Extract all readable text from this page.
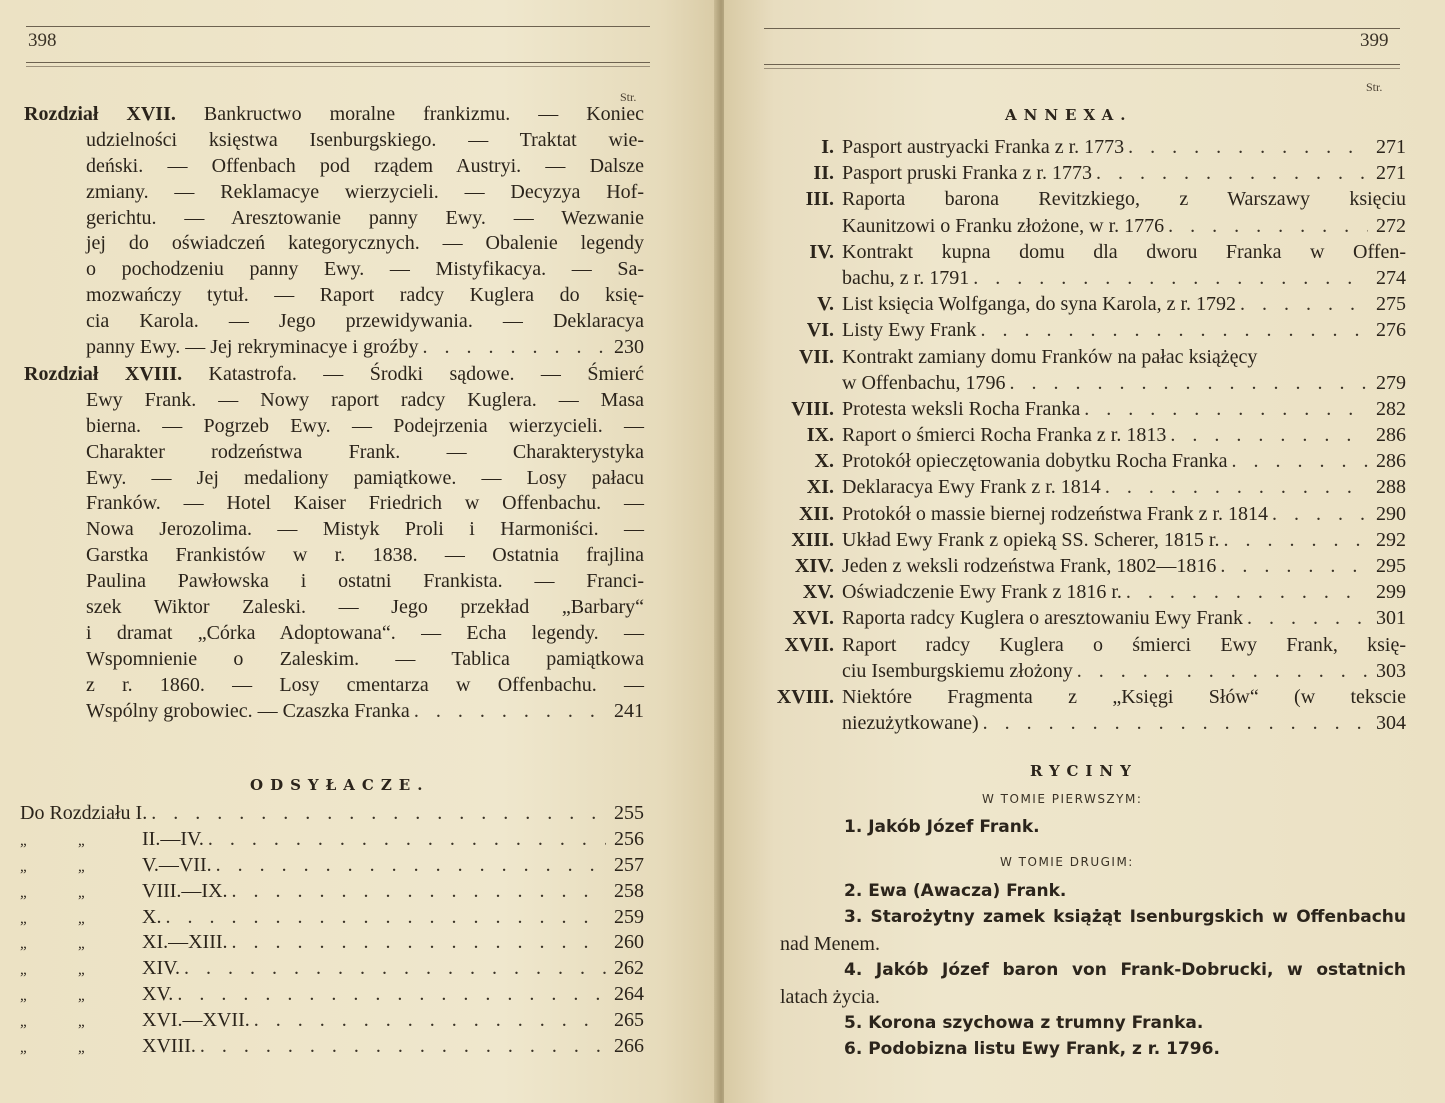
398
Str.
Rozdział XVII. Bankructwo moralne frankizmu. — Koniec
udzielności księstwa Isenburgskiego. — Traktat wie-
deński. — Offenbach pod rządem Austryi. — Dalsze
zmiany. — Reklamacye wierzycieli. — Decyzya Hof-
gerichtu. — Aresztowanie panny Ewy. — Wezwanie
jej do oświadczeń kategorycznych. — Obalenie legendy
o pochodzeniu panny Ewy. — Mistyfikacya. — Sa-
mozwańczy tytuł. — Raport radcy Kuglera do księ-
cia Karola. — Jego przewidywania. — Deklaracya
panny Ewy. — Jej rekryminacye i groźby . . .	230
Rozdział XVIII. Katastrofa. — Środki sądowe. — Śmierć
Ewy Frank. — Nowy raport radcy Kuglera. — Masa
bierna. — Pogrzeb Ewy. — Podejrzenia wierzycieli. —
Charakter rodzeństwa Frank. — Charakterystyka
Ewy. — Jej medaliony pamiątkowe. — Losy pałacu
Franków. — Hotel Kaiser Friedrich w Offenbachu. —
Nowa Jerozolima. — Mistyk Proli i Harmoniści. —
Garstka Frankistów w r. 1838. — Ostatnia frajlina
Paulina Pawłowska i ostatni Frankista. — Franci-
szek Wiktor Zaleski. — Jego przekład „Barbary“
i dramat „Córka Adoptowana“. — Echa legendy. —
Wspomnienie o Zaleskim. — Tablica pamiątkowa
z r. 1860. — Losy cmentarza w Offenbachu. —
Wspólny grobowiec. — Czaszka Franka . . .	241
ODSYŁACZE.
Do Rozdziału I. . . .	255
„	„	II.—IV. . . .	256
„	„	V.—VII. . . .	257
„	„	VIII.—IX. . . .	258
„	„	X. . . .	259
„	„	XI.—XIII. . . .	260
„	„	XIV. . . .	262
„	„	XV. . . .	264
„	„	XVI.—XVII. . . .	265
„	„	XVIII. . . .	266
399
Str.
ANNEXA.
I. Pasport austryacki Franka z r. 1773 . . .	271
II. Pasport pruski Franka z r. 1773 . . .	271
III. Raporta barona Revitzkiego, z Warszawy księciu
Kaunitzowi o Franku złożone, w r. 1776 . . .	272
IV. Kontrakt kupna domu dla dworu Franka w Offen-
bachu, z r. 1791 . . .	274
V. List księcia Wolfganga, do syna Karola, z r. 1792 . . .	275
VI. Listy Ewy Frank . . .	276
VII. Kontrakt zamiany domu Franków na pałac książęcy
w Offenbachu, 1796 . . .	279
VIII. Protesta weksli Rocha Franka . . .	282
IX. Raport o śmierci Rocha Franka z r. 1813 . . .	286
X. Protokół opieczętowania dobytku Rocha Franka . . .	286
XI. Deklaracya Ewy Frank z r. 1814 . . .	288
XII. Protokół o massie biernej rodzeństwa Frank z r. 1814 . . .	290
XIII. Układ Ewy Frank z opieką SS. Scherer, 1815 r. . . .	292
XIV. Jeden z weksli rodzeństwa Frank, 1802—1816 . . .	295
XV. Oświadczenie Ewy Frank z 1816 r. . . .	299
XVI. Raporta radcy Kuglera o aresztowaniu Ewy Frank . . .	301
XVII. Raport radcy Kuglera o śmierci Ewy Frank, księ-
ciu Isemburgskiemu złożony . . .	303
XVIII. Niektóre Fragmenta z „Księgi Słów“ (w tekscie
niezużytkowane) . . .	304
RYCINY
W TOMIE PIERWSZYM:
1. Jakób Józef Frank.
W TOMIE DRUGIM:
2. Ewa (Awacza) Frank.
3. Starożytny zamek książąt Isenburgskich w Offenbachu
nad Menem.
4. Jakób Józef baron von Frank-Dobrucki, w ostatnich
latach życia.
5. Korona szychowa z trumny Franka.
6. Podobizna listu Ewy Frank, z r. 1796.
